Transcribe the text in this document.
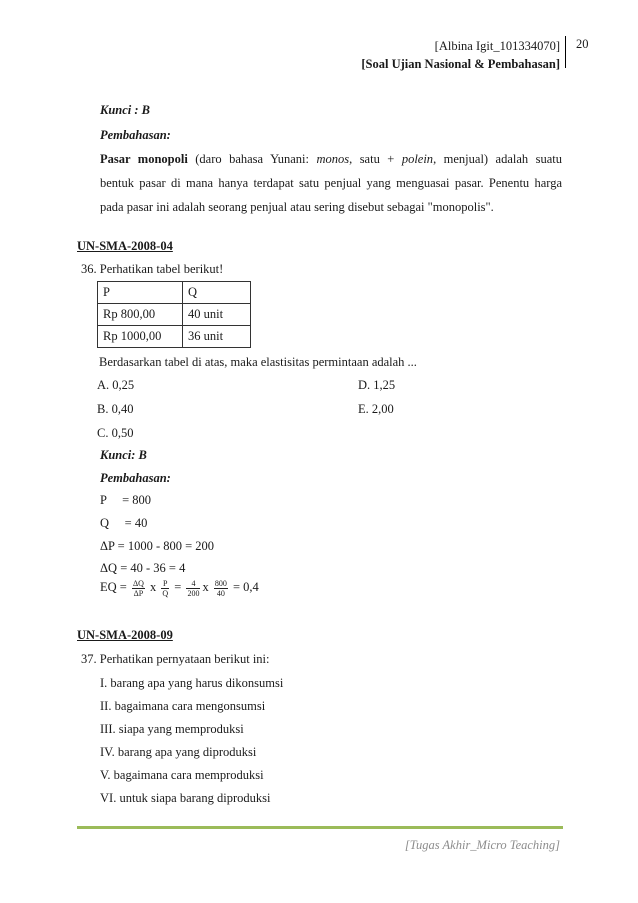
[Albina Igit_101334070]
[Soal Ujian Nasional & Pembahasan]
20
Kunci : B
Pembahasan:
Pasar monopoli (daro bahasa Yunani: monos, satu + polein, menjual) adalah suatu
bentuk pasar di mana hanya terdapat satu penjual yang menguasai pasar. Penentu harga
pada pasar ini adalah seorang penjual atau sering disebut sebagai "monopolis".
UN-SMA-2008-04
36. Perhatikan tabel berikut!
P	Q
Rp 800,00	40 unit
Rp 1000,00	36 unit
Berdasarkan tabel di atas, maka elastisitas permintaan adalah ...
A. 0,25	D. 1,25
B. 0,40	E. 2,00
C. 0,50
Kunci: B
Pembahasan:
P     = 800
Q     = 40
ΔP = 1000 - 800 = 200
ΔQ = 40 - 36 = 4
EQ = $\frac{\Delta Q}{\Delta P}$ x $\frac{P}{Q} = \frac{4}{200}$ x $\frac{800}{40} = 0,4$
UN-SMA-2008-09
37. Perhatikan pernyataan berikut ini:
I. barang apa yang harus dikonsumsi
II. bagaimana cara mengonsumsi
III. siapa yang memproduksi
IV. barang apa yang diproduksi
V. bagaimana cara memproduksi
VI. untuk siapa barang diproduksi
[Tugas Akhir_Micro Teaching]
